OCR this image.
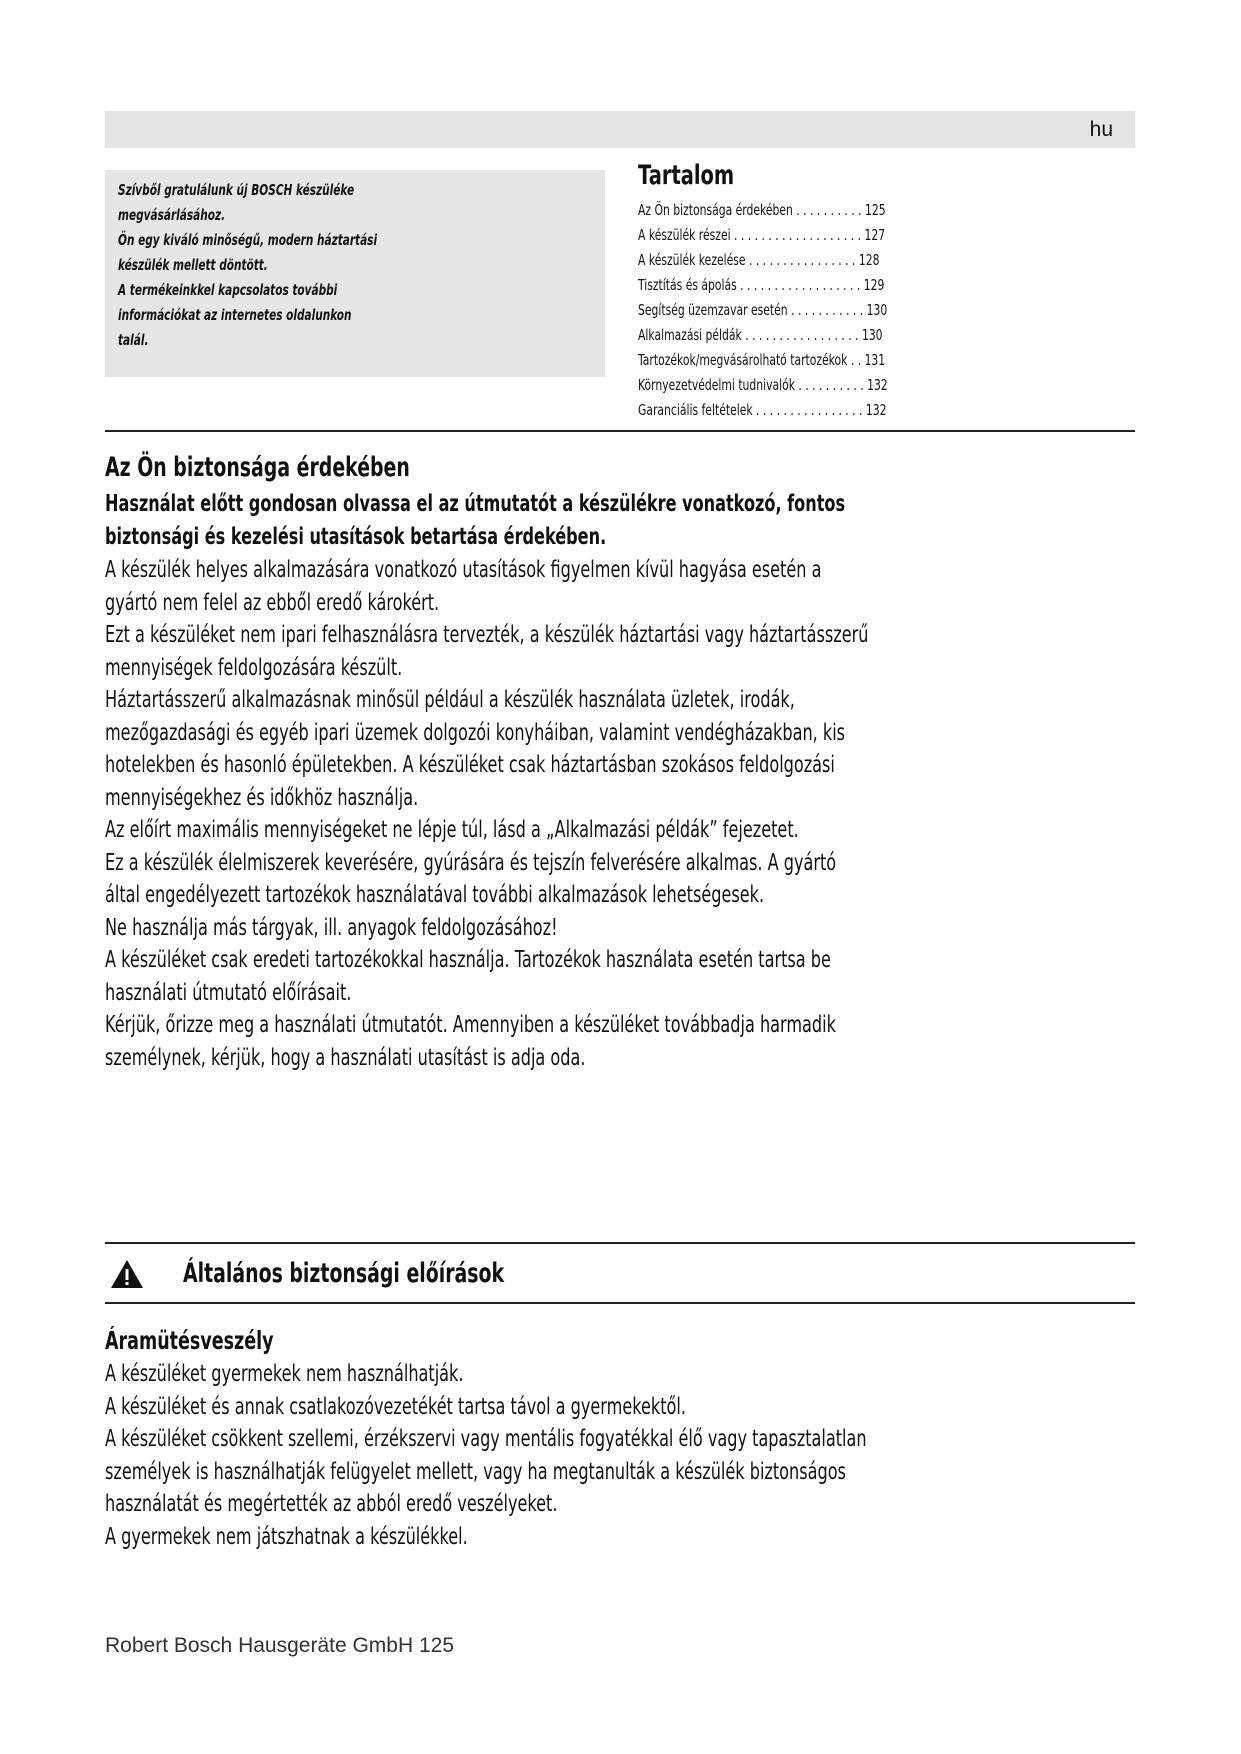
hu
Szívből gratulálunk új BOSCH készüléke
megvásárlásához.
Ön egy kiváló minőségű, modern háztartási
készülék mellett döntött.
A termékeinkkel kapcsolatos további
információkat az internetes oldalunkon
talál.
Tartalom
Az Ön biztonsága érdekében . . . . . . . . . . 125
A készülék részei . . . . . . . . . . . . . . . . . . . 127
A készülék kezelése . . . . . . . . . . . . . . . . 128
Tisztítás és ápolás . . . . . . . . . . . . . . . . . . 129
Segítség üzemzavar esetén . . . . . . . . . . . 130
Alkalmazási példák . . . . . . . . . . . . . . . . . 130
Tartozékok/megvásárolható tartozékok . . 131
Környezetvédelmi tudnivalók . . . . . . . . . . 132
Garanciális feltételek . . . . . . . . . . . . . . . . 132
Az Ön biztonsága érdekében

Használat előtt gondosan olvassa el az útmutatót a készülékre vonatkozó, fontos biztonsági és kezelési utasítások betartása érdekében.

A készülék helyes alkalmazására vonatkozó utasítások figyelmen kívül hagyása esetén a gyártó nem felel az ebből eredő károkért.

Ezt a készüléket nem ipari felhasználásra tervezték, a készülék háztartási vagy háztartásszerű mennyiségek feldolgozására készült.

Háztartásszerű alkalmazásnak minősül például a készülék használata üzletek, irodák, mezőgazdasági és egyéb ipari üzemek dolgozói konyháiban, valamint vendégházakban, kis hotelekben és hasonló épületekben. A készüléket csak háztartásban szokásos feldolgozási mennyiségekhez és időkhöz használja.

Az előírt maximális mennyiségeket ne lépje túl, lásd a „Alkalmazási példák” fejezetet.

Ez a készülék élelmiszerek keverésére, gyúrására és tejszín felverésére alkalmas. A gyártó által engedélyezett tartozékok használatával további alkalmazások lehetségesek.

Ne használja más tárgyak, ill. anyagok feldolgozásához!

A készüléket csak eredeti tartozékokkal használja. Tartozékok használata esetén tartsa be használati útmutató előírásait.

Kérjük, őrizze meg a használati útmutatót. Amennyiben a készüléket továbbadja harmadik személynek, kérjük, hogy a használati utasítást is adja oda.

Általános biztonsági előírások
Áramütésveszély

A készüléket gyermekek nem használhatják.

A készüléket és annak csatlakozóvezetékét tartsa távol a gyermekektől.

A készüléket csökkent szellemi, érzékszervi vagy mentális fogyatékkal élő vagy tapasztalatlan személyek is használhatják felügyelet mellett, vagy ha megtanulták a készülék biztonságos használatát és megértették az abból eredő veszélyeket.

A gyermekek nem játszhatnak a készülékkel.

Robert Bosch Hausgeräte GmbH 125
